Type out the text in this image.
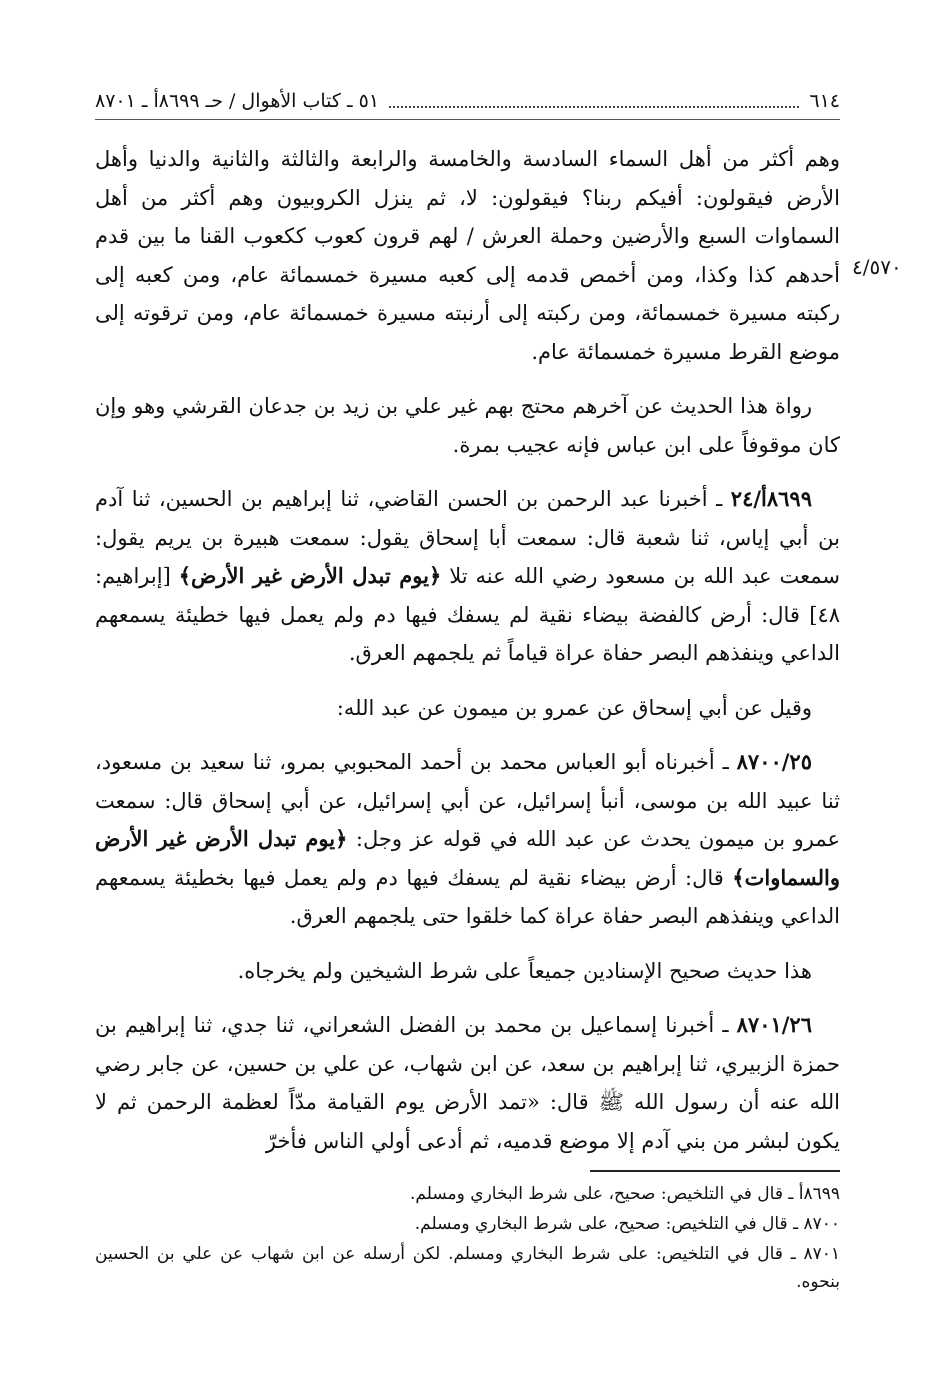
٦١٤
٥١ ـ كتاب الأهوال / حـ ٨٦٩٩أ ـ ٨٧٠١
٤/٥٧٠

وهم أكثر من أهل السماء السادسة والخامسة والرابعة والثالثة والثانية والدنيا وأهل الأرض فيقولون: أفيكم ربنا؟ فيقولون: لا، ثم ينزل الكروبيون وهم أكثر من أهل السماوات السبع والأرضين وحملة العرش / لهم قرون كعوب ككعوب القنا ما بين قدم أحدهم كذا وكذا، ومن أخمص قدمه إلى كعبه مسيرة خمسمائة عام، ومن كعبه إلى ركبته مسيرة خمسمائة، ومن ركبته إلى أرنبته مسيرة خمسمائة عام، ومن ترقوته إلى موضع القرط مسيرة خمسمائة عام.

رواة هذا الحديث عن آخرهم محتج بهم غير علي بن زيد بن جدعان القرشي وهو وإن كان موقوفاً على ابن عباس فإنه عجيب بمرة.

٨٦٩٩أ/٢٤ ـ أخبرنا عبد الرحمن بن الحسن القاضي، ثنا إبراهيم بن الحسين، ثنا آدم بن أبي إياس، ثنا شعبة قال: سمعت أبا إسحاق يقول: سمعت هبيرة بن يريم يقول: سمعت عبد الله بن مسعود رضي الله عنه تلا ﴿يوم تبدل الأرض غير الأرض﴾ [إبراهيم: ٤٨] قال: أرض كالفضة بيضاء نقية لم يسفك فيها دم ولم يعمل فيها خطيئة يسمعهم الداعي وينفذهم البصر حفاة عراة قياماً ثم يلجمهم العرق.

وقيل عن أبي إسحاق عن عمرو بن ميمون عن عبد الله:

٨٧٠٠/٢٥ ـ أخبرناه أبو العباس محمد بن أحمد المحبوبي بمرو، ثنا سعيد بن مسعود، ثنا عبيد الله بن موسى، أنبأ إسرائيل، عن أبي إسرائيل، عن أبي إسحاق قال: سمعت عمرو بن ميمون يحدث عن عبد الله في قوله عز وجل: ﴿يوم تبدل الأرض غير الأرض والسماوات﴾ قال: أرض بيضاء نقية لم يسفك فيها دم ولم يعمل فيها بخطيئة يسمعهم الداعي وينفذهم البصر حفاة عراة كما خلقوا حتى يلجمهم العرق.

هذا حديث صحيح الإسنادين جميعاً على شرط الشيخين ولم يخرجاه.

٨٧٠١/٢٦ ـ أخبرنا إسماعيل بن محمد بن الفضل الشعراني، ثنا جدي، ثنا إبراهيم بن حمزة الزبيري، ثنا إبراهيم بن سعد، عن ابن شهاب، عن علي بن حسين، عن جابر رضي الله عنه أن رسول الله ﷺ قال: «تمد الأرض يوم القيامة مدّاً لعظمة الرحمن ثم لا يكون لبشر من بني آدم إلا موضع قدميه، ثم أدعى أولي الناس فأخرّ

٨٦٩٩أ ـ قال في التلخيص: صحيح، على شرط البخاري ومسلم.

٨٧٠٠ ـ قال في التلخيص: صحيح، على شرط البخاري ومسلم.

٨٧٠١ ـ قال في التلخيص: على شرط البخاري ومسلم. لكن أرسله عن ابن شهاب عن علي بن الحسين بنحوه.
